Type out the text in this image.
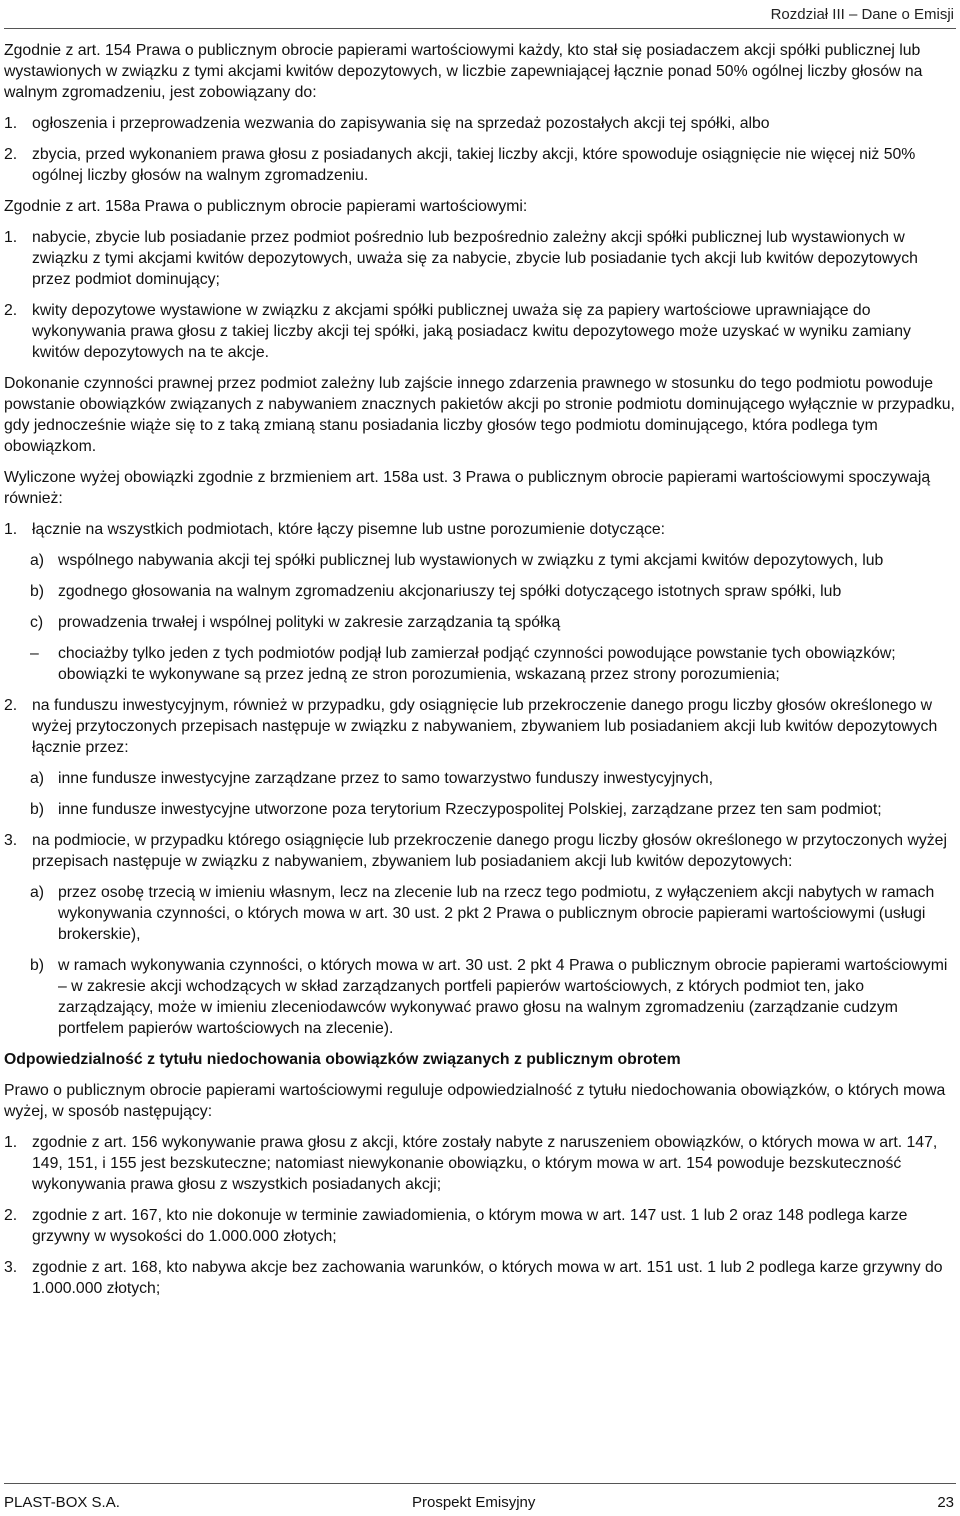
Rozdział III – Dane o Emisji

Zgodnie z art. 154 Prawa o publicznym obrocie papierami wartościowymi każdy, kto stał się posiadaczem akcji spółki publicznej lub wystawionych w związku z tymi akcjami kwitów depozytowych, w liczbie zapewniającej łącznie ponad 50% ogólnej liczby głosów na walnym zgromadzeniu, jest zobowiązany do:

1. ogłoszenia i przeprowadzenia wezwania do zapisywania się na sprzedaż pozostałych akcji tej spółki, albo
2. zbycia, przed wykonaniem prawa głosu z posiadanych akcji, takiej liczby akcji, które spowoduje osiągnięcie nie więcej niż 50% ogólnej liczby głosów na walnym zgromadzeniu.

Zgodnie z art. 158a Prawa o publicznym obrocie papierami wartościowymi:

1. nabycie, zbycie lub posiadanie przez podmiot pośrednio lub bezpośrednio zależny akcji spółki publicznej lub wystawionych w związku z tymi akcjami kwitów depozytowych, uważa się za nabycie, zbycie lub posiadanie tych akcji lub kwitów depozytowych przez podmiot dominujący;
2. kwity depozytowe wystawione w związku z akcjami spółki publicznej uważa się za papiery wartościowe uprawniające do wykonywania prawa głosu z takiej liczby akcji tej spółki, jaką posiadacz kwitu depozytowego może uzyskać w wyniku zamiany kwitów depozytowych na te akcje.

Dokonanie czynności prawnej przez podmiot zależny lub zajście innego zdarzenia prawnego w stosunku do tego podmiotu powoduje powstanie obowiązków związanych z nabywaniem znacznych pakietów akcji po stronie podmiotu dominującego wyłącznie w przypadku, gdy jednocześnie wiąże się to z taką zmianą stanu posiadania liczby głosów tego podmiotu dominującego, która podlega tym obowiązkom.

Wyliczone wyżej obowiązki zgodnie z brzmieniem art. 158a ust. 3 Prawa o publicznym obrocie papierami wartościowymi spoczywają również:

1. łącznie na wszystkich podmiotach, które łączy pisemne lub ustne porozumienie dotyczące:
a) wspólnego nabywania akcji tej spółki publicznej lub wystawionych w związku z tymi akcjami kwitów depozytowych, lub
b) zgodnego głosowania na walnym zgromadzeniu akcjonariuszy tej spółki dotyczącego istotnych spraw spółki, lub
c) prowadzenia trwałej i wspólnej polityki w zakresie zarządzania tą spółką
– chociażby tylko jeden z tych podmiotów podjął lub zamierzał podjąć czynności powodujące powstanie tych obowiązków; obowiązki te wykonywane są przez jedną ze stron porozumienia, wskazaną przez strony porozumienia;
2. na funduszu inwestycyjnym, również w przypadku, gdy osiągnięcie lub przekroczenie danego progu liczby głosów określonego w wyżej przytoczonych przepisach następuje w związku z nabywaniem, zbywaniem lub posiadaniem akcji lub kwitów depozytowych łącznie przez:
a) inne fundusze inwestycyjne zarządzane przez to samo towarzystwo funduszy inwestycyjnych,
b) inne fundusze inwestycyjne utworzone poza terytorium Rzeczypospolitej Polskiej, zarządzane przez ten sam podmiot;
3. na podmiocie, w przypadku którego osiągnięcie lub przekroczenie danego progu liczby głosów określonego w przytoczonych wyżej przepisach następuje w związku z nabywaniem, zbywaniem lub posiadaniem akcji lub kwitów depozytowych:
a) przez osobę trzecią w imieniu własnym, lecz na zlecenie lub na rzecz tego podmiotu, z wyłączeniem akcji nabytych w ramach wykonywania czynności, o których mowa w art. 30 ust. 2 pkt 2 Prawa o publicznym obrocie papierami wartościowymi (usługi brokerskie),
b) w ramach wykonywania czynności, o których mowa w art. 30 ust. 2 pkt 4 Prawa o publicznym obrocie papierami wartościowymi – w zakresie akcji wchodzących w skład zarządzanych portfeli papierów wartościowych, z których podmiot ten, jako zarządzający, może w imieniu zleceniodawców wykonywać prawo głosu na walnym zgromadzeniu (zarządzanie cudzym portfelem papierów wartościowych na zlecenie).
Odpowiedzialność z tytułu niedochowania obowiązków związanych z publicznym obrotem

Prawo o publicznym obrocie papierami wartościowymi reguluje odpowiedzialność z tytułu niedochowania obowiązków, o których mowa wyżej, w sposób następujący:

1. zgodnie z art. 156 wykonywanie prawa głosu z akcji, które zostały nabyte z naruszeniem obowiązków, o których mowa w art. 147, 149, 151, i 155 jest bezskuteczne; natomiast niewykonanie obowiązku, o którym mowa w art. 154 powoduje bezskuteczność wykonywania prawa głosu z wszystkich posiadanych akcji;
2. zgodnie z art. 167, kto nie dokonuje w terminie zawiadomienia, o którym mowa w art. 147 ust. 1 lub 2 oraz 148 podlega karze grzywny w wysokości do 1.000.000 złotych;
3. zgodnie z art. 168, kto nabywa akcje bez zachowania warunków, o których mowa w art. 151 ust. 1 lub 2 podlega karze grzywny do 1.000.000 złotych;
PLAST-BOX S.A.	Prospekt Emisyjny	23
